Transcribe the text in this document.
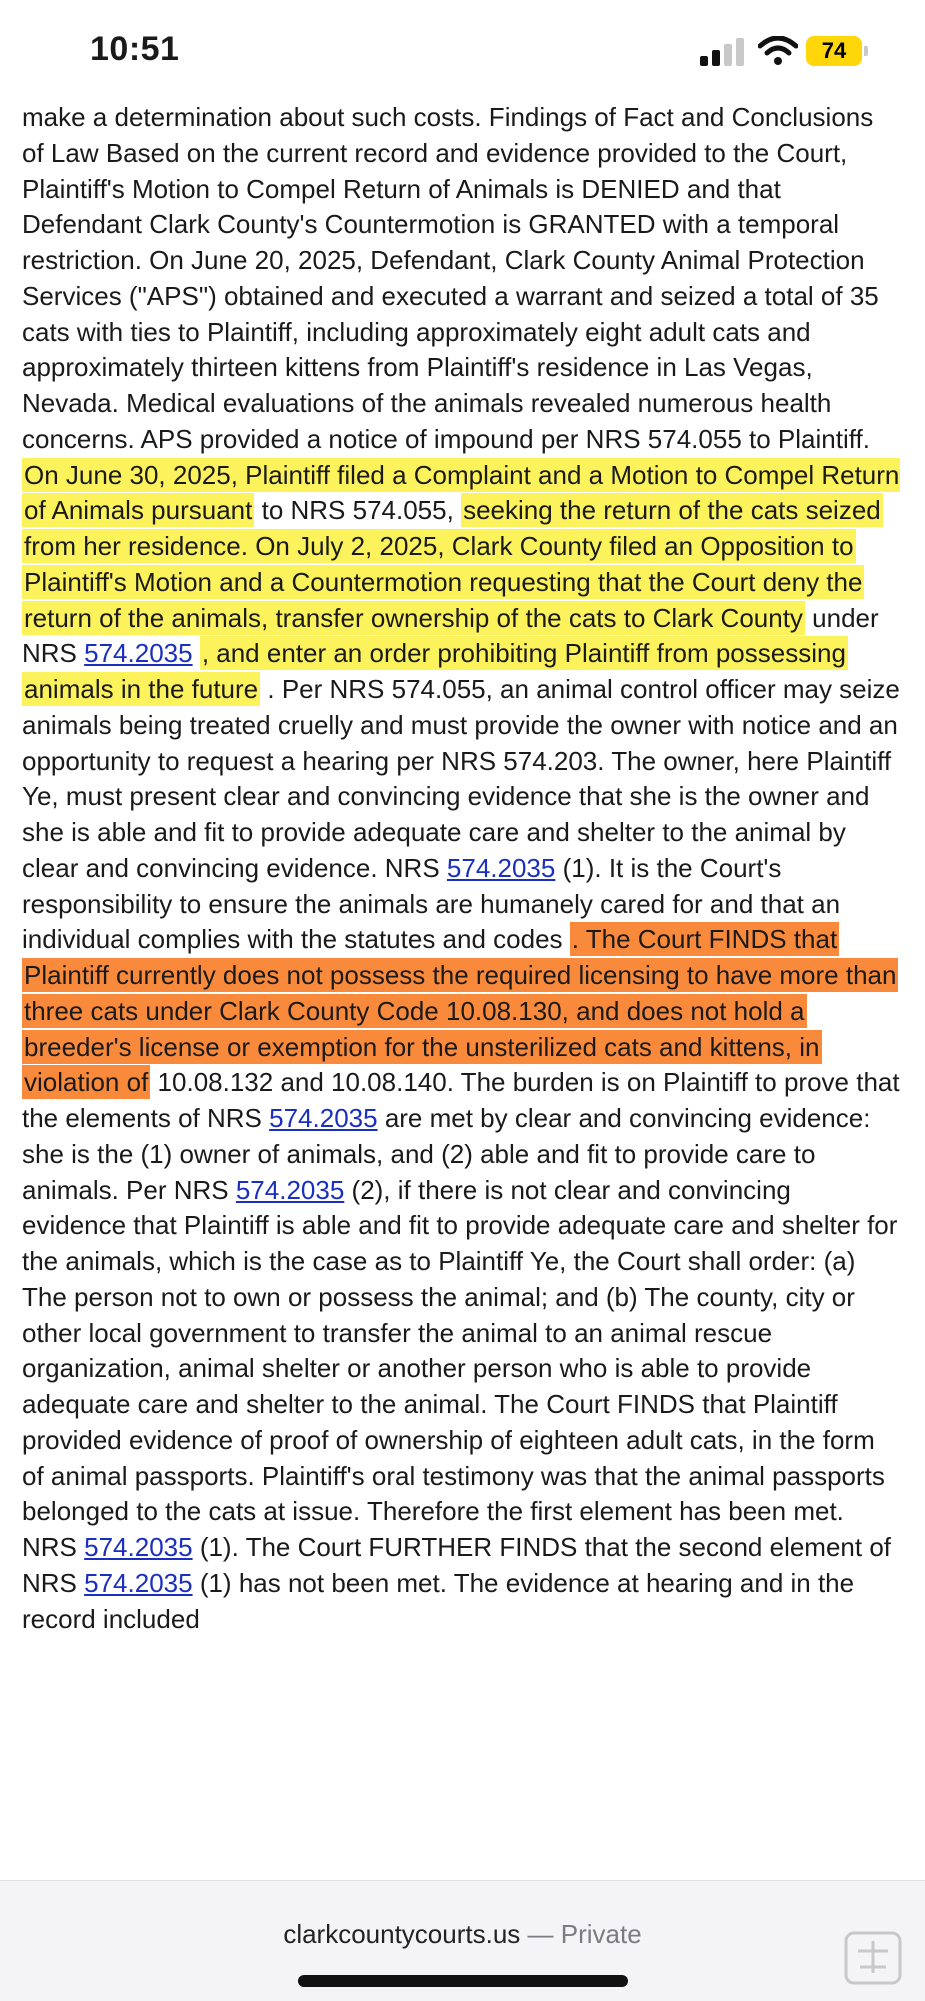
10:51	74
make a determination about such costs. Findings of Fact and Conclusions of Law Based on the current record and evidence provided to the Court, Plaintiff's Motion to Compel Return of Animals is DENIED and that Defendant Clark County's Countermotion is GRANTED with a temporal restriction. On June 20, 2025, Defendant, Clark County Animal Protection Services ("APS") obtained and executed a warrant and seized a total of 35 cats with ties to Plaintiff, including approximately eight adult cats and approximately thirteen kittens from Plaintiff's residence in Las Vegas, Nevada. Medical evaluations of the animals revealed numerous health concerns. APS provided a notice of impound per NRS 574.055 to Plaintiff. On June 30, 2025, Plaintiff filed a Complaint and a Motion to Compel Return of Animals pursuant to NRS 574.055, seeking the return of the cats seized from her residence. On July 2, 2025, Clark County filed an Opposition to Plaintiff's Motion and a Countermotion requesting that the Court deny the return of the animals, transfer ownership of the cats to Clark County under NRS 574.2035 , and enter an order prohibiting Plaintiff from possessing animals in the future . Per NRS 574.055, an animal control officer may seize animals being treated cruelly and must provide the owner with notice and an opportunity to request a hearing per NRS 574.203. The owner, here Plaintiff Ye, must present clear and convincing evidence that she is the owner and she is able and fit to provide adequate care and shelter to the animal by clear and convincing evidence. NRS 574.2035 (1). It is the Court's responsibility to ensure the animals are humanely cared for and that an individual complies with the statutes and codes . The Court FINDS that Plaintiff currently does not possess the required licensing to have more than three cats under Clark County Code 10.08.130, and does not hold a breeder's license or exemption for the unsterilized cats and kittens, in violation of 10.08.132 and 10.08.140. The burden is on Plaintiff to prove that the elements of NRS 574.2035 are met by clear and convincing evidence: she is the (1) owner of animals, and (2) able and fit to provide care to animals. Per NRS 574.2035 (2), if there is not clear and convincing evidence that Plaintiff is able and fit to provide adequate care and shelter for the animals, which is the case as to Plaintiff Ye, the Court shall order: (a) The person not to own or possess the animal; and (b) The county, city or other local government to transfer the animal to an animal rescue organization, animal shelter or another person who is able to provide adequate care and shelter to the animal. The Court FINDS that Plaintiff provided evidence of proof of ownership of eighteen adult cats, in the form of animal passports. Plaintiff's oral testimony was that the animal passports belonged to the cats at issue. Therefore the first element has been met. NRS 574.2035 (1). The Court FURTHER FINDS that the second element of NRS 574.2035 (1) has not been met. The evidence at hearing and in the record included
clarkcountycourts.us — Private
